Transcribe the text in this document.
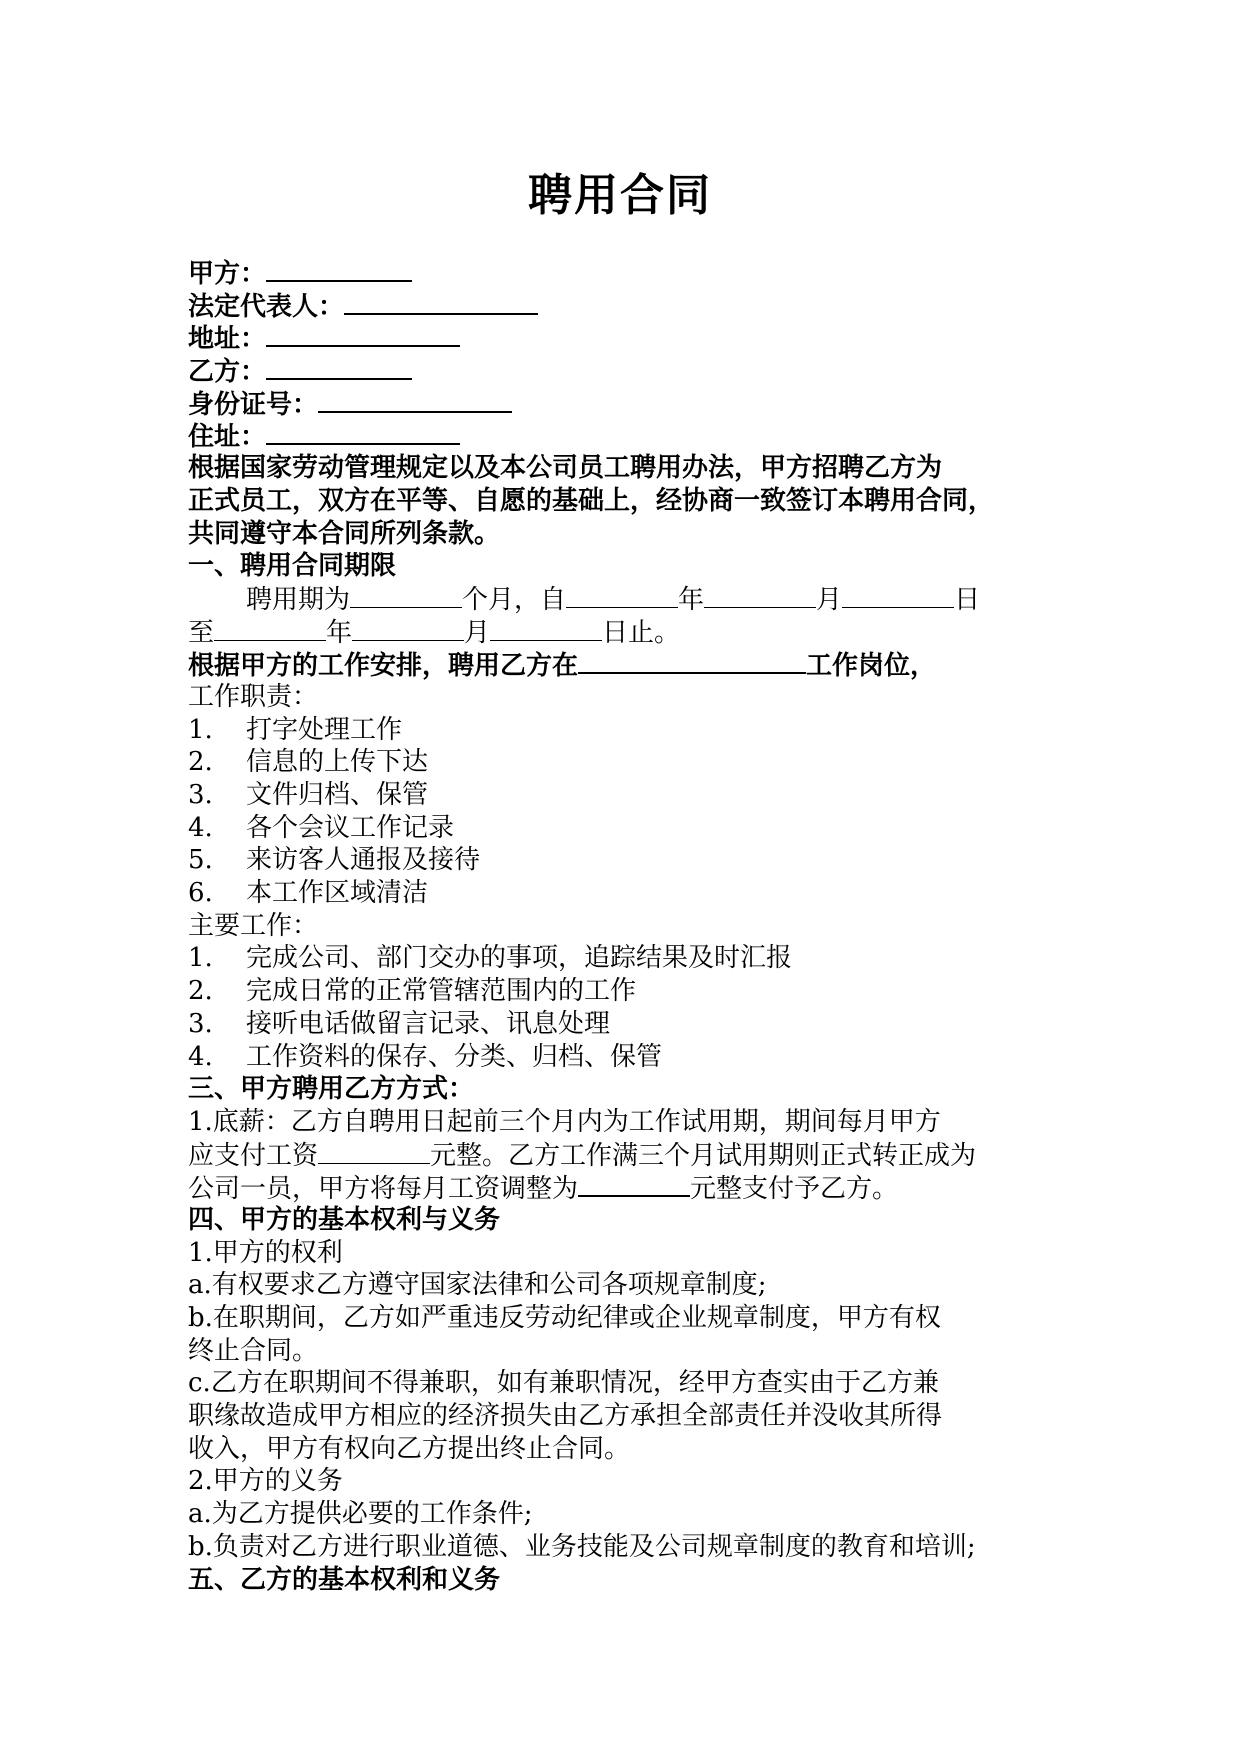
聘用合同
甲方：
法定代表人：
地址：
乙方：
身份证号：
住址：
根据国家劳动管理规定以及本公司员工聘用办法，甲方招聘乙方为
正式员工，双方在平等、自愿的基础上，经协商一致签订本聘用合同，
共同遵守本合同所列条款。
一、聘用合同期限
聘用期为	个月，自	年	月	日
至	年	月	日止。
根据甲方的工作安排，聘用乙方在	工作岗位，
工作职责：
1. 打字处理工作
2. 信息的上传下达
3. 文件归档、保管
4. 各个会议工作记录
5. 来访客人通报及接待
6. 本工作区域清洁
主要工作：
1. 完成公司、部门交办的事项，追踪结果及时汇报
2. 完成日常的正常管辖范围内的工作
3. 接听电话做留言记录、讯息处理
4. 工作资料的保存、分类、归档、保管
三、甲方聘用乙方方式：
1.底薪：乙方自聘用日起前三个月内为工作试用期，期间每月甲方
应支付工资	元整。乙方工作满三个月试用期则正式转正成为
公司一员，甲方将每月工资调整为	元整支付予乙方。
四、甲方的基本权利与义务
1.甲方的权利
a.有权要求乙方遵守国家法律和公司各项规章制度;
b.在职期间，乙方如严重违反劳动纪律或企业规章制度，甲方有权
终止合同。
c.乙方在职期间不得兼职，如有兼职情况，经甲方查实由于乙方兼
职缘故造成甲方相应的经济损失由乙方承担全部责任并没收其所得
收入，甲方有权向乙方提出终止合同。
2.甲方的义务
a.为乙方提供必要的工作条件;
b.负责对乙方进行职业道德、业务技能及公司规章制度的教育和培训;
五、乙方的基本权利和义务
